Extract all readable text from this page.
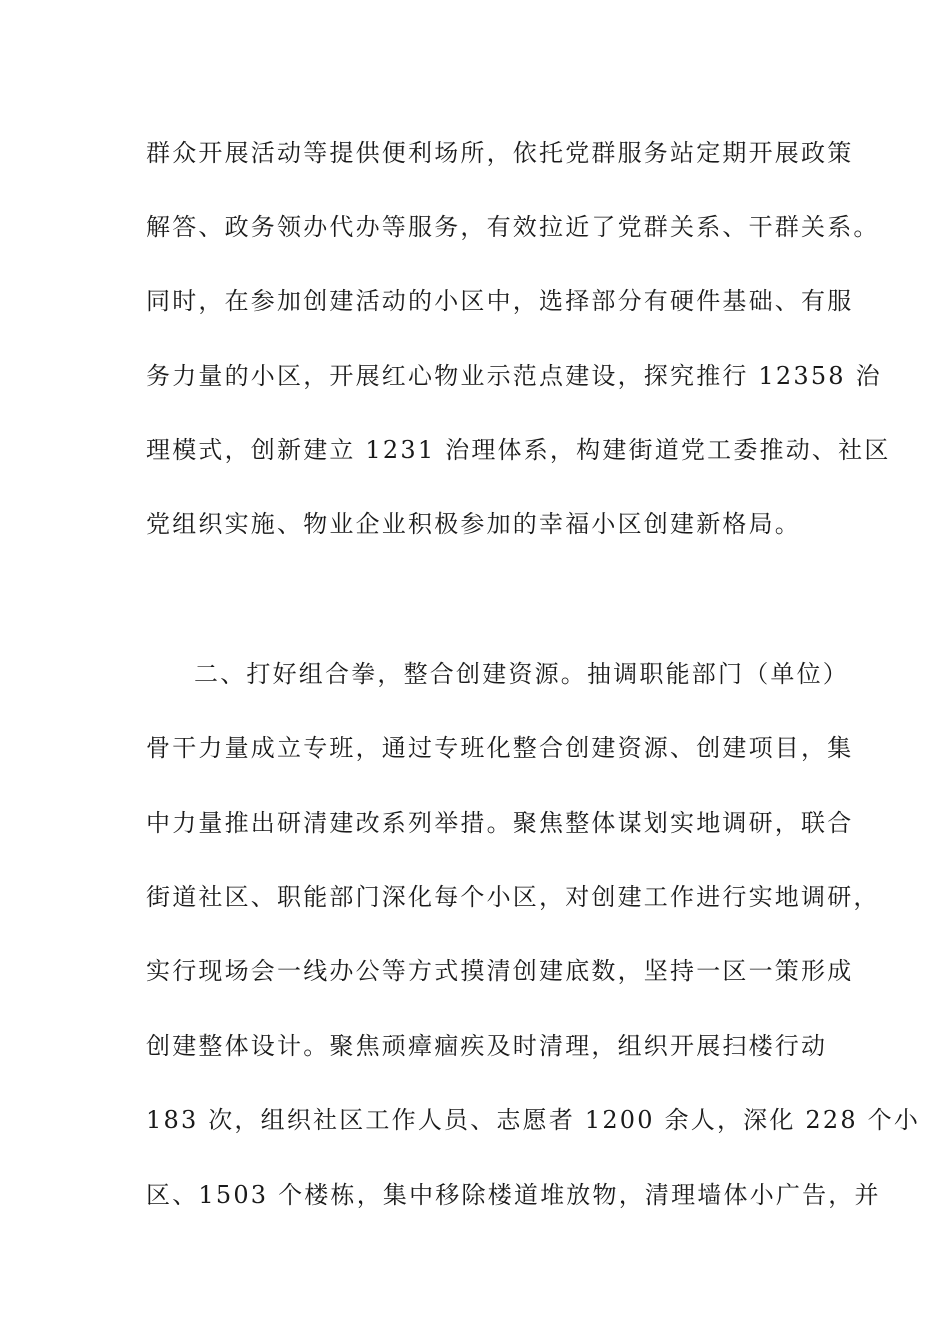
群众开展活动等提供便利场所，依托党群服务站定期开展政策
解答、政务领办代办等服务，有效拉近了党群关系、干群关系。
同时，在参加创建活动的小区中，选择部分有硬件基础、有服
务力量的小区，开展红心物业示范点建设，探究推行 12358 治
理模式，创新建立 1231 治理体系，构建街道党工委推动、社区
党组织实施、物业企业积极参加的幸福小区创建新格局。
二、打好组合拳，整合创建资源。抽调职能部门（单位）
骨干力量成立专班，通过专班化整合创建资源、创建项目，集
中力量推出研清建改系列举措。聚焦整体谋划实地调研，联合
街道社区、职能部门深化每个小区，对创建工作进行实地调研，
实行现场会一线办公等方式摸清创建底数，坚持一区一策形成
创建整体设计。聚焦顽瘴痼疾及时清理，组织开展扫楼行动
183 次，组织社区工作人员、志愿者 1200 余人，深化 228 个小
区、1503 个楼栋，集中移除楼道堆放物，清理墙体小广告，并
